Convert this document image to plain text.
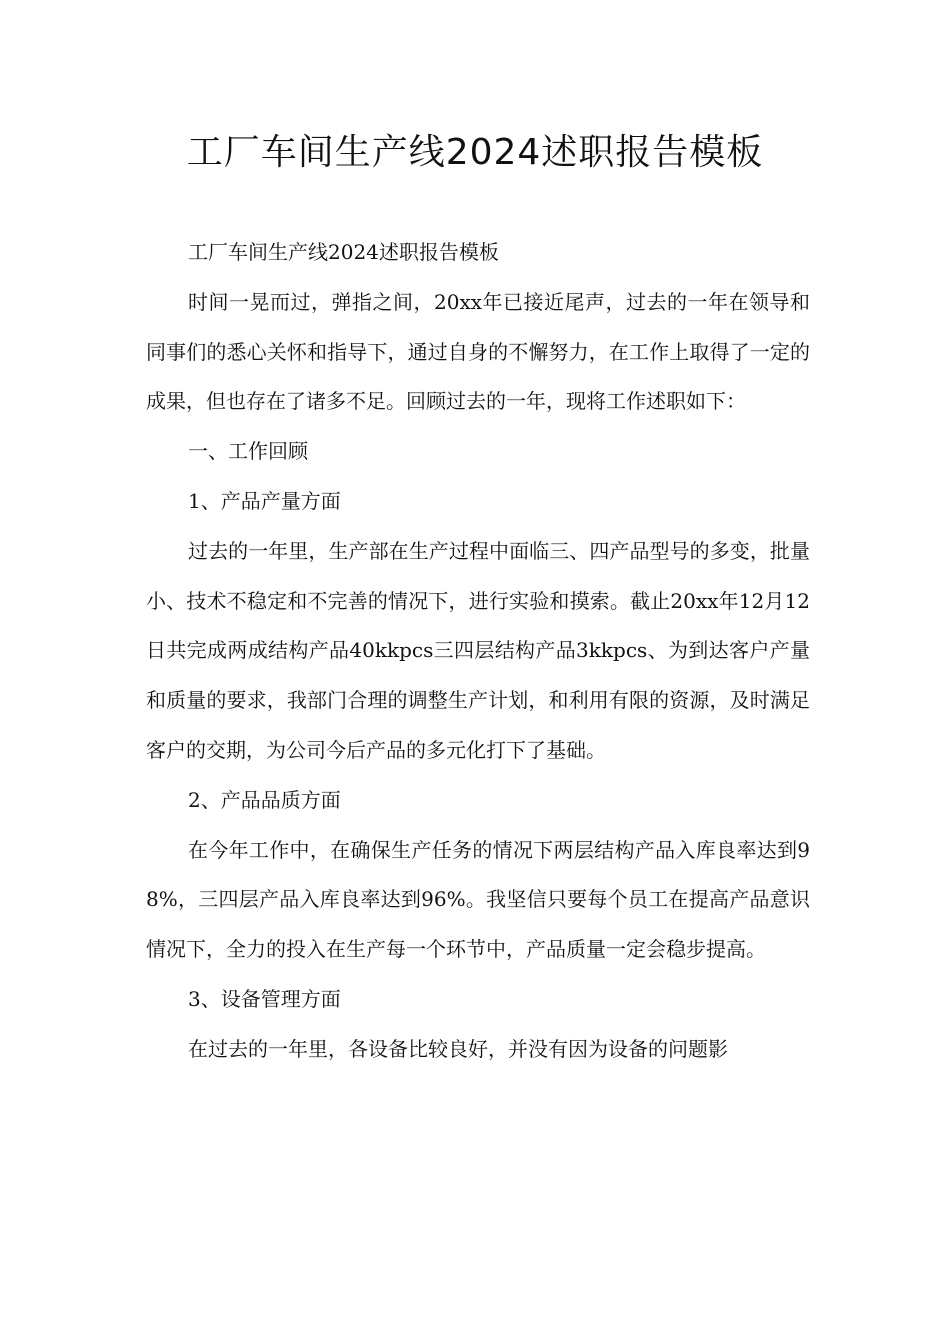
工厂车间生产线2024述职报告模板

工厂车间生产线2024述职报告模板

时间一晃而过，弹指之间，20xx年已接近尾声，过去的一年在领导和同事们的悉心关怀和指导下，通过自身的不懈努力，在工作上取得了一定的成果，但也存在了诸多不足。回顾过去的一年，现将工作述职如下：

一、工作回顾

1、产品产量方面

过去的一年里，生产部在生产过程中面临三、四产品型号的多变，批量小、技术不稳定和不完善的情况下，进行实验和摸索。截止20xx年12月12日共完成两成结构产品40kkpcs三四层结构产品3kkpcs、为到达客户产量和质量的要求，我部门合理的调整生产计划，和利用有限的资源，及时满足客户的交期，为公司今后产品的多元化打下了基础。

2、产品品质方面

在今年工作中，在确保生产任务的情况下两层结构产品入库良率达到98%，三四层产品入库良率达到96%。我坚信只要每个员工在提高产品意识情况下，全力的投入在生产每一个环节中，产品质量一定会稳步提高。

3、设备管理方面

在过去的一年里，各设备比较良好，并没有因为设备的问题影
